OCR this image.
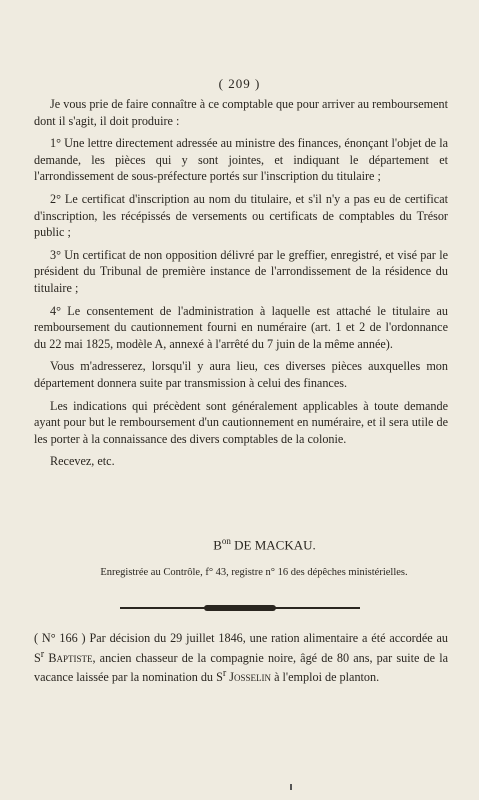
( 209 )

Je vous prie de faire connaître à ce comptable que pour arriver au remboursement dont il s'agit, il doit produire :

1° Une lettre directement adressée au ministre des finances, énonçant l'objet de la demande, les pièces qui y sont jointes, et indiquant le département et l'arrondissement de sous-préfecture portés sur l'inscription du titulaire ;

2° Le certificat d'inscription au nom du titulaire, et s'il n'y a pas eu de certificat d'inscription, les récépissés de versements ou certificats de comptables du Trésor public ;

3° Un certificat de non opposition délivré par le greffier, enregistré, et visé par le président du Tribunal de première instance de l'arrondissement de la résidence du titulaire ;

4° Le consentement de l'administration à laquelle est attaché le titulaire au remboursement du cautionnement fourni en numéraire (art. 1 et 2 de l'ordonnance du 22 mai 1825, modèle A, annexé à l'arrêté du 7 juin de la même année).

Vous m'adresserez, lorsqu'il y aura lieu, ces diverses pièces auxquelles mon département donnera suite par transmission à celui des finances.

Les indications qui précèdent sont généralement applicables à toute demande ayant pour but le remboursement d'un cautionnement en numéraire, et il sera utile de les porter à la connaissance des divers comptables de la colonie.

Recevez, etc.

$B^{on}$ DE MACKAU.
Enregistrée au Contrôle, f° 43, registre n° 16 des dépêches ministérielles.
( N° 166 ) Par décision du 29 juillet 1846, une ration alimentaire a été accordée au $S^r$ Baptiste, ancien chasseur de la compagnie noire, âgé de 80 ans, par suite de la vacance laissée par la nomination du $S^r$ Josselin à l'emploi de planton.
